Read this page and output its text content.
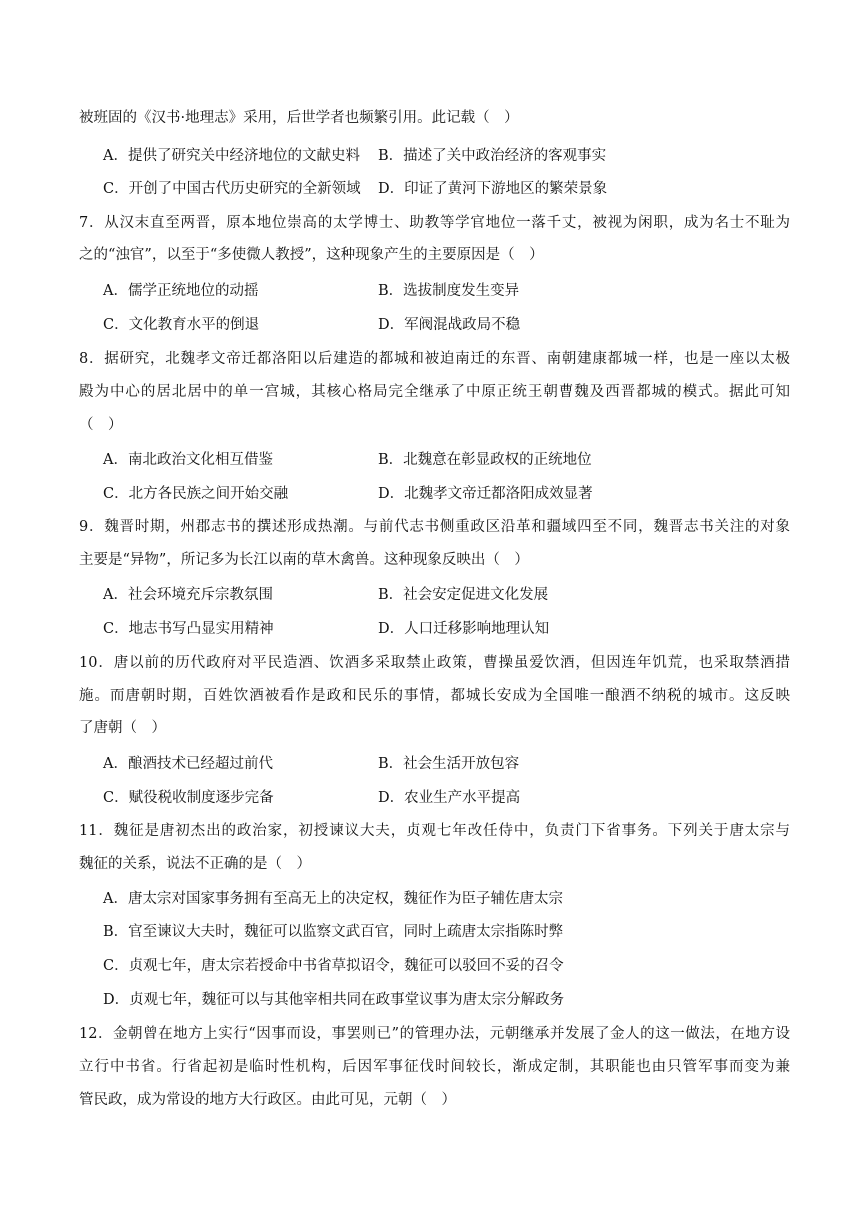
被班固的《汉书·地理志》采用，后世学者也频繁引用。此记载（　）
A．提供了研究关中经济地位的文献史料 B．描述了关中政治经济的客观事实
C．开创了中国古代历史研究的全新领域 D．印证了黄河下游地区的繁荣景象
7．从汉末直至两晋，原本地位崇高的太学博士、助教等学官地位一落千丈，被视为闲职，成为名士不耻为
之的“浊官”，以至于“多使微人教授”，这种现象产生的主要原因是（　）
A．儒学正统地位的动摇	B．选拔制度发生变异
C．文化教育水平的倒退	D．军阀混战政局不稳
8．据研究，北魏孝文帝迁都洛阳以后建造的都城和被迫南迁的东晋、南朝建康都城一样，也是一座以太极
殿为中心的居北居中的单一宫城，其核心格局完全继承了中原正统王朝曹魏及西晋都城的模式。据此可知
（　）
A．南北政治文化相互借鉴	B．北魏意在彰显政权的正统地位
C．北方各民族之间开始交融	D．北魏孝文帝迁都洛阳成效显著
9．魏晋时期，州郡志书的撰述形成热潮。与前代志书侧重政区沿革和疆域四至不同，魏晋志书关注的对象
主要是“异物”，所记多为长江以南的草木禽兽。这种现象反映出（　）
A．社会环境充斥宗教氛围	B．社会安定促进文化发展
C．地志书写凸显实用精神	D．人口迁移影响地理认知
10．唐以前的历代政府对平民造酒、饮酒多采取禁止政策，曹操虽爱饮酒，但因连年饥荒，也采取禁酒措
施。而唐朝时期，百姓饮酒被看作是政和民乐的事情，都城长安成为全国唯一酿酒不纳税的城市。这反映
了唐朝（　）
A．酿酒技术已经超过前代	B．社会生活开放包容
C．赋役税收制度逐步完备	D．农业生产水平提高
11．魏征是唐初杰出的政治家，初授谏议大夫，贞观七年改任侍中，负责门下省事务。下列关于唐太宗与
魏征的关系，说法不正确的是（　）
A．唐太宗对国家事务拥有至高无上的决定权，魏征作为臣子辅佐唐太宗
B．官至谏议大夫时，魏征可以监察文武百官，同时上疏唐太宗指陈时弊
C．贞观七年，唐太宗若授命中书省草拟诏令，魏征可以驳回不妥的召令
D．贞观七年，魏征可以与其他宰相共同在政事堂议事为唐太宗分解政务
12．金朝曾在地方上实行“因事而设，事罢则已”的管理办法，元朝继承并发展了金人的这一做法，在地方设
立行中书省。行省起初是临时性机构，后因军事征伐时间较长，渐成定制，其职能也由只管军事而变为兼
管民政，成为常设的地方大行政区。由此可见，元朝（　）
